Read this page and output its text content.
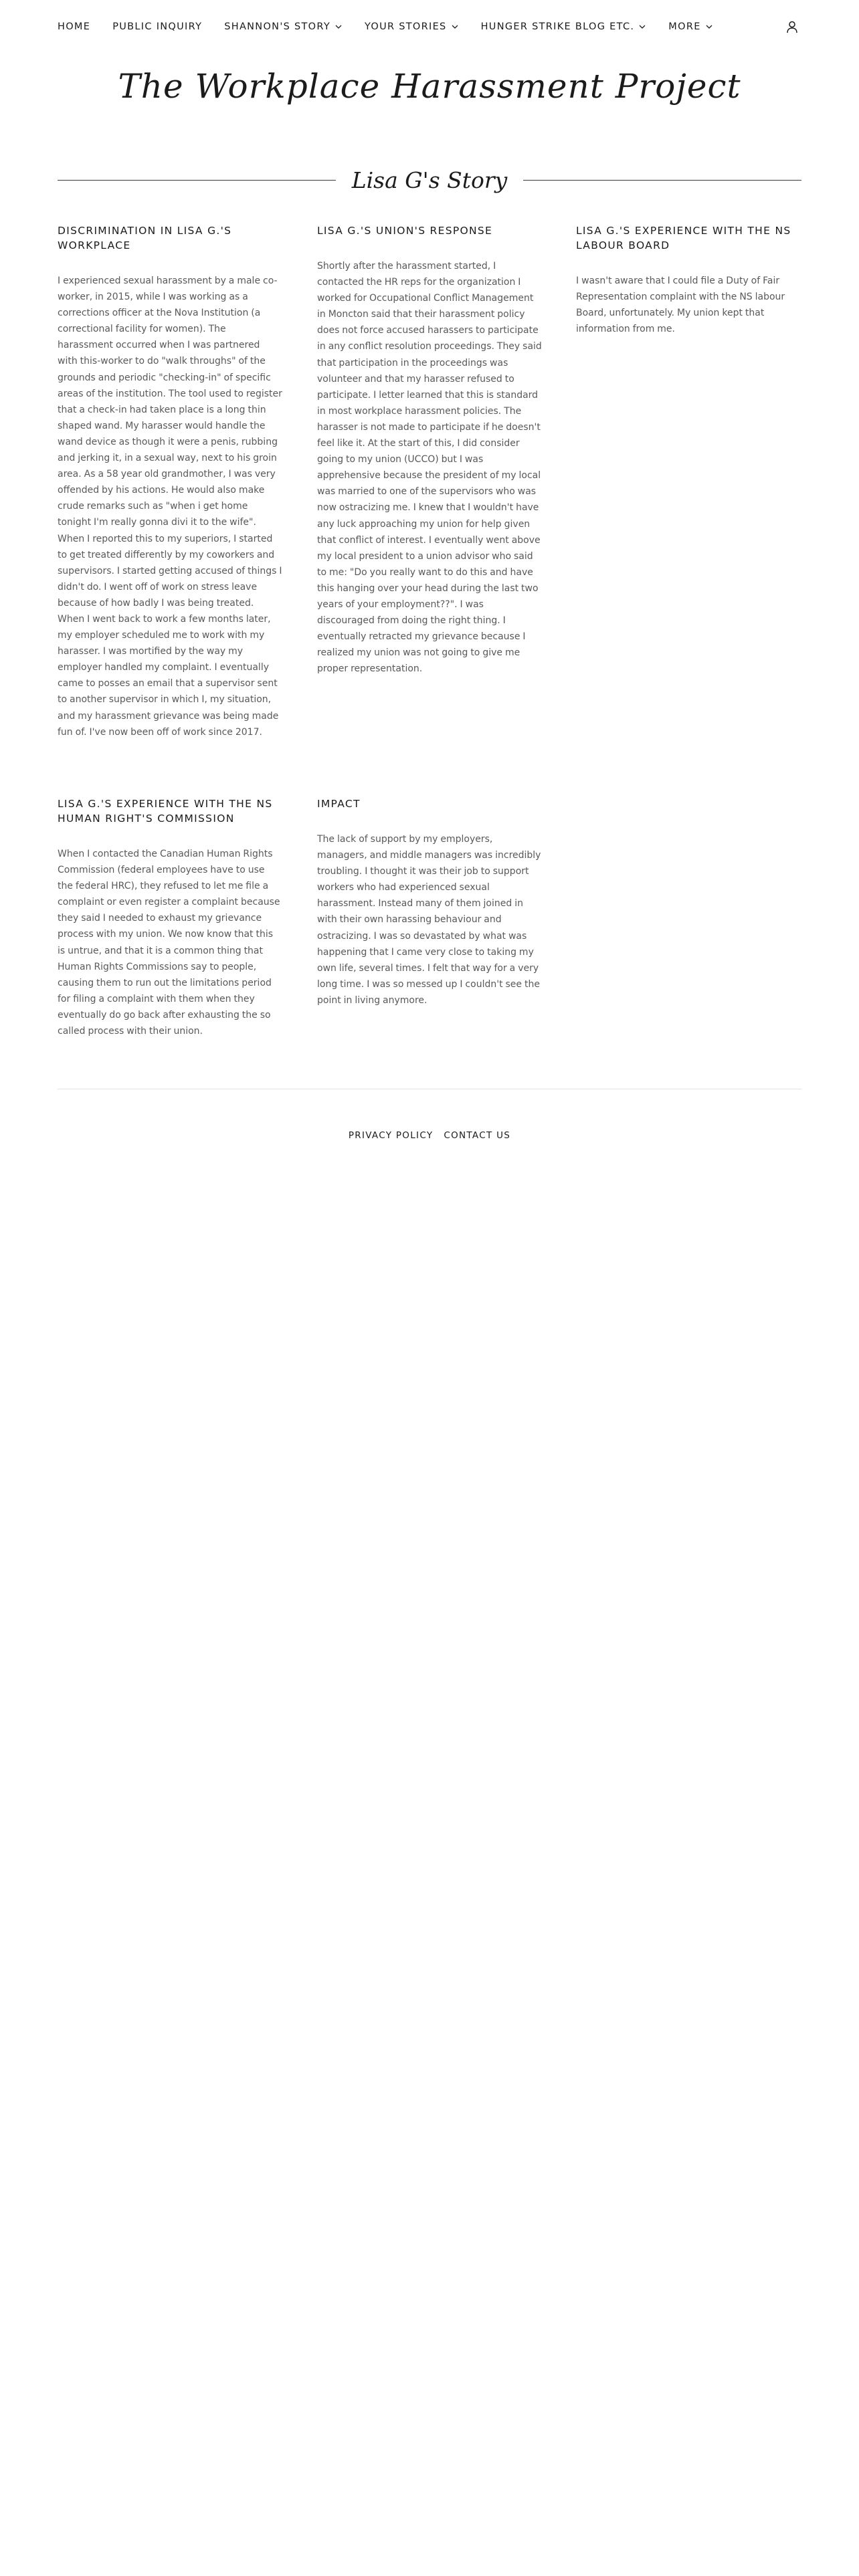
HOME PUBLIC INQUIRY SHANNON'S STORY	YOUR STORIES	HUNGER STRIKE BLOG ETC.	MORE
The Workplace Harassment Project
Lisa G's Story
DISCRIMINATION IN LISA G.'S WORKPLACE

I experienced sexual harassment by a male co-worker, in 2015, while I was working as a corrections officer at the Nova Institution (a correctional facility for women). The harassment occurred when I was partnered with this-worker to do "walk throughs" of the grounds and periodic "checking-in" of specific areas of the institution. The tool used to register that a check-in had taken place is a long thin shaped wand. My harasser would handle the wand device as though it were a penis, rubbing and jerking it, in a sexual way, next to his groin area. As a 58 year old grandmother, I was very offended by his actions. He would also make crude remarks such as "when i get home tonight I'm really gonna divi it to the wife". When I reported this to my superiors, I started to get treated differently by my coworkers and supervisors. I started getting accused of things I didn't do. I went off of work on stress leave because of how badly I was being treated. When I went back to work a few months later, my employer scheduled me to work with my harasser. I was mortified by the way my employer handled my complaint. I eventually came to posses an email that a supervisor sent to another supervisor in which I, my situation, and my harassment grievance was being made fun of. I've now been off of work since 2017.

LISA G.'S UNION'S RESPONSE

Shortly after the harassment started, I contacted the HR reps for the organization I worked for Occupational Conflict Management in Moncton said that their harassment policy does not force accused harassers to participate in any conflict resolution proceedings. They said that participation in the proceedings was volunteer and that my harasser refused to participate. I letter learned that this is standard in most workplace harassment policies. The harasser is not made to participate if he doesn't feel like it. At the start of this, I did consider going to my union (UCCO) but I was apprehensive because the president of my local was married to one of the supervisors who was now ostracizing me. I knew that I wouldn't have any luck approaching my union for help given that conflict of interest. I eventually went above my local president to a union advisor who said to me: "Do you really want to do this and have this hanging over your head during the last two years of your employment??". I was discouraged from doing the right thing. I eventually retracted my grievance because I realized my union was not going to give me proper representation.

LISA G.'S EXPERIENCE WITH THE NS LABOUR BOARD

I wasn't aware that I could file a Duty of Fair Representation complaint with the NS labour Board, unfortunately. My union kept that information from me.

LISA G.'S EXPERIENCE WITH THE NS HUMAN RIGHT'S COMMISSION

When I contacted the Canadian Human Rights Commission (federal employees have to use the federal HRC), they refused to let me file a complaint or even register a complaint because they said I needed to exhaust my grievance process with my union. We now know that this is untrue, and that it is a common thing that Human Rights Commissions say to people, causing them to run out the limitations period for filing a complaint with them when they eventually do go back after exhausting the so called process with their union.

IMPACT

The lack of support by my employers, managers, and middle managers was incredibly troubling. I thought it was their job to support workers who had experienced sexual harassment. Instead many of them joined in with their own harassing behaviour and ostracizing. I was so devastated by what was happening that I came very close to taking my own life, several times. I felt that way for a very long time. I was so messed up I couldn't see the point in living anymore.

PRIVACY POLICY CONTACT US
